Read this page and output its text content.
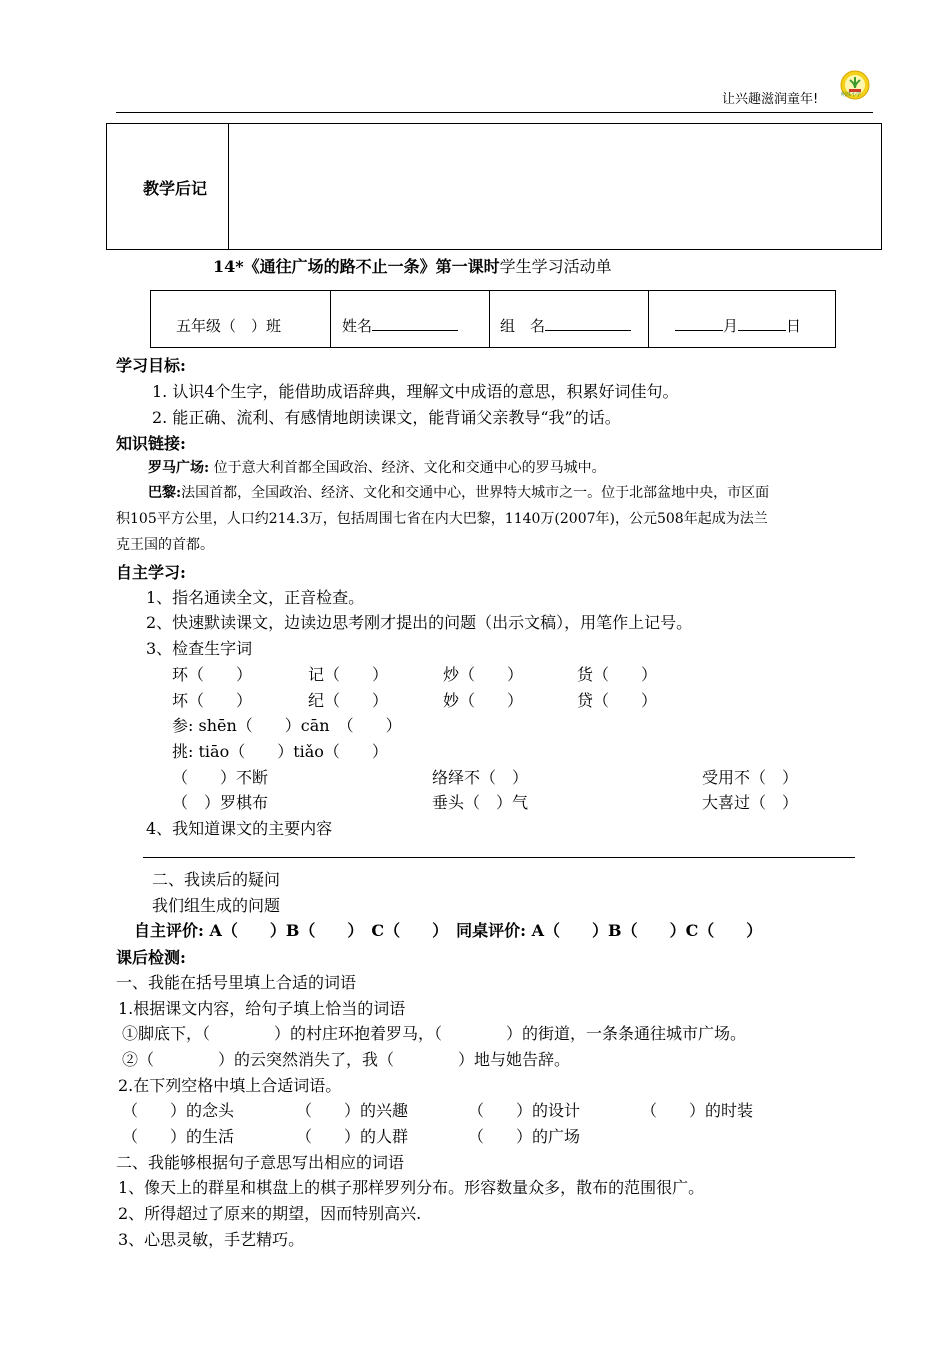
让兴趣滋润童年!	明珠小学
教学后记
14*《通往广场的路不止一条》第一课时学生学习活动单
五年级（　）班	姓名	组　名	月	日
学习目标:
1. 认识4个生字，能借助成语辞典，理解文中成语的意思，积累好词佳句。
2. 能正确、流利、有感情地朗读课文，能背诵父亲教导“我”的话。
知识链接:
罗马广场: 位于意大利首都全国政治、经济、文化和交通中心的罗马城中。
巴黎:法国首都，全国政治、经济、文化和交通中心，世界特大城市之一。位于北部盆地中央，市区面
积105平方公里，人口约214.3万，包括周围七省在内大巴黎，1140万(2007年)，公元508年起成为法兰
克王国的首都。
自主学习:
1、指名通读全文，正音检查。
2、快速默读课文，边读边思考刚才提出的问题（出示文稿），用笔作上记号。
3、检查生字词
环（　　）	记（　　）	炒（　　）	货（　　）
坏（　　）	纪（　　）	妙（　　）	贷（　　）
参: shēn（　　）cān　（　　）
挑: tiāo（　　）tiǎo（　　）
（　　）不断	络绎不（　）	受用不（　）
（　）罗棋布	垂头（　）气	大喜过（　）
4、我知道课文的主要内容
二、我读后的疑问
我们组生成的问题
自主评价: A（　　）B（　　）　C（　　）　同桌评价: A（　　）B（　　）C（　　）
课后检测:
一、我能在括号里填上合适的词语
1.根据课文内容，给句子填上恰当的词语
①脚底下，（　　　　）的村庄环抱着罗马，（　　　　）的街道，一条条通往城市广场。
②（　　　　）的云突然消失了，我（　　　　）地与她告辞。
2.在下列空格中填上合适词语。
（　　）的念头	（　　）的兴趣	（　　）的设计	（　　）的时装
（　　）的生活	（　　）的人群	（　　）的广场
二、我能够根据句子意思写出相应的词语
1、像天上的群星和棋盘上的棋子那样罗列分布。形容数量众多，散布的范围很广。
2、所得超过了原来的期望，因而特别高兴.
3、心思灵敏，手艺精巧。
